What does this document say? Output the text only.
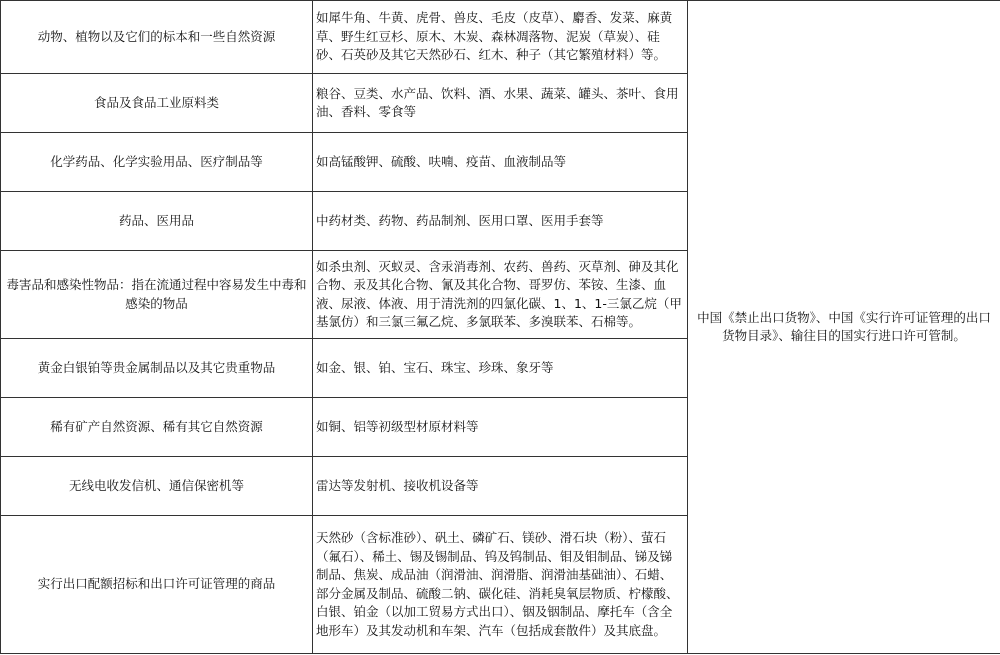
动物、植物以及它们的标本和一些自然资源	如犀牛角、牛黄、虎骨、兽皮、毛皮（皮草）、麝香、发菜、麻黄草、野生红豆杉、原木、木炭、森林凋落物、泥炭（草炭）、硅砂、石英砂及其它天然砂石、红木、种子（其它繁殖材料）等。	中国《禁止出口货物》、中国《实行许可证管理的出口货物目录》、输往目的国实行进口许可管制。
食品及食品工业原料类	粮谷、豆类、水产品、饮料、酒、水果、蔬菜、罐头、茶叶、食用油、香料、零食等	
化学药品、化学实验用品、医疗制品等	如高锰酸钾、硫酸、呋喃、疫苗、血液制品等	
药品、医用品	中药材类、药物、药品制剂、医用口罩、医用手套等	
毒害品和感染性物品：指在流通过程中容易发生中毒和感染的物品	如杀虫剂、灭蚁灵、含汞消毒剂、农药、兽药、灭草剂、砷及其化合物、汞及其化合物、氰及其化合物、哥罗仿、苯铵、生漆、血液、尿液、体液、用于清洗剂的四氯化碳、1、1、1-三氯乙烷（甲基氯仿）和三氯三氟乙烷、多氯联苯、多溴联苯、石棉等。	
黄金白银铂等贵金属制品以及其它贵重物品	如金、银、铂、宝石、珠宝、珍珠、象牙等	
稀有矿产自然资源、稀有其它自然资源	如铜、铝等初级型材原材料等	
无线电收发信机、通信保密机等	雷达等发射机、接收机设备等	
实行出口配额招标和出口许可证管理的商品	天然砂（含标准砂）、矾土、磷矿石、镁砂、滑石块（粉）、萤石（氟石）、稀土、锡及锡制品、钨及钨制品、钼及钼制品、锑及锑制品、焦炭、成品油（润滑油、润滑脂、润滑油基础油）、石蜡、部分金属及制品、硫酸二钠、碳化硅、消耗臭氧层物质、柠檬酸、白银、铂金（以加工贸易方式出口）、铟及铟制品、摩托车（含全地形车）及其发动机和车架、汽车（包括成套散件）及其底盘。	
